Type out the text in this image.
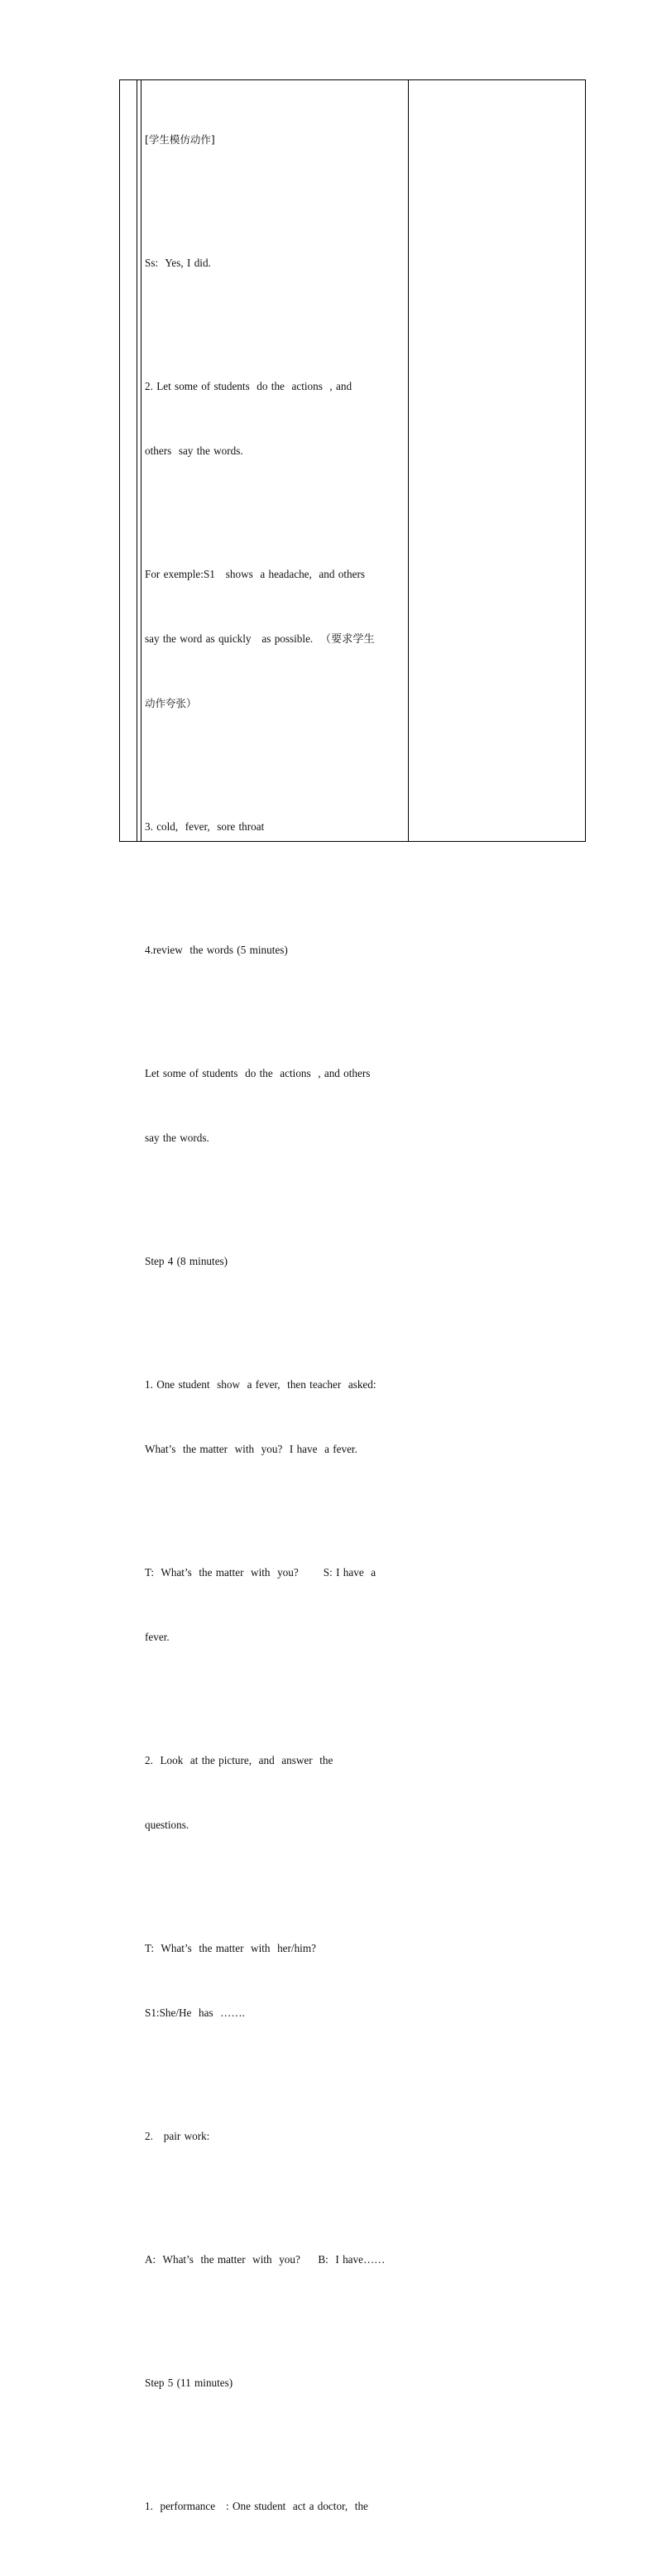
[学生模仿动作]

Ss:  Yes, I did.

2. Let some of students  do the  actions  , and

others  say the words.

For exemple:S1   shows  a headache,  and others

say the word as quickly   as possible.  （要求学生

动作夸张）

3. cold,  fever,  sore throat

4.review  the words (5 minutes)

Let some of students  do the  actions  , and others

say the words.

Step 4 (8 minutes)

1. One student  show  a fever,  then teacher  asked:

What’s  the matter  with  you?  I have  a fever.

T:  What’s  the matter  with  you?       S: I have  a

fever.

2.  Look  at the picture,  and  answer  the

questions.

T:  What’s  the matter  with  her/him?

S1:She/He  has  …….

2.   pair work:

A:  What’s  the matter  with  you?     B:  I have……

Step 5 (11 minutes)

1.  performance   : One student  act a doctor,  the
